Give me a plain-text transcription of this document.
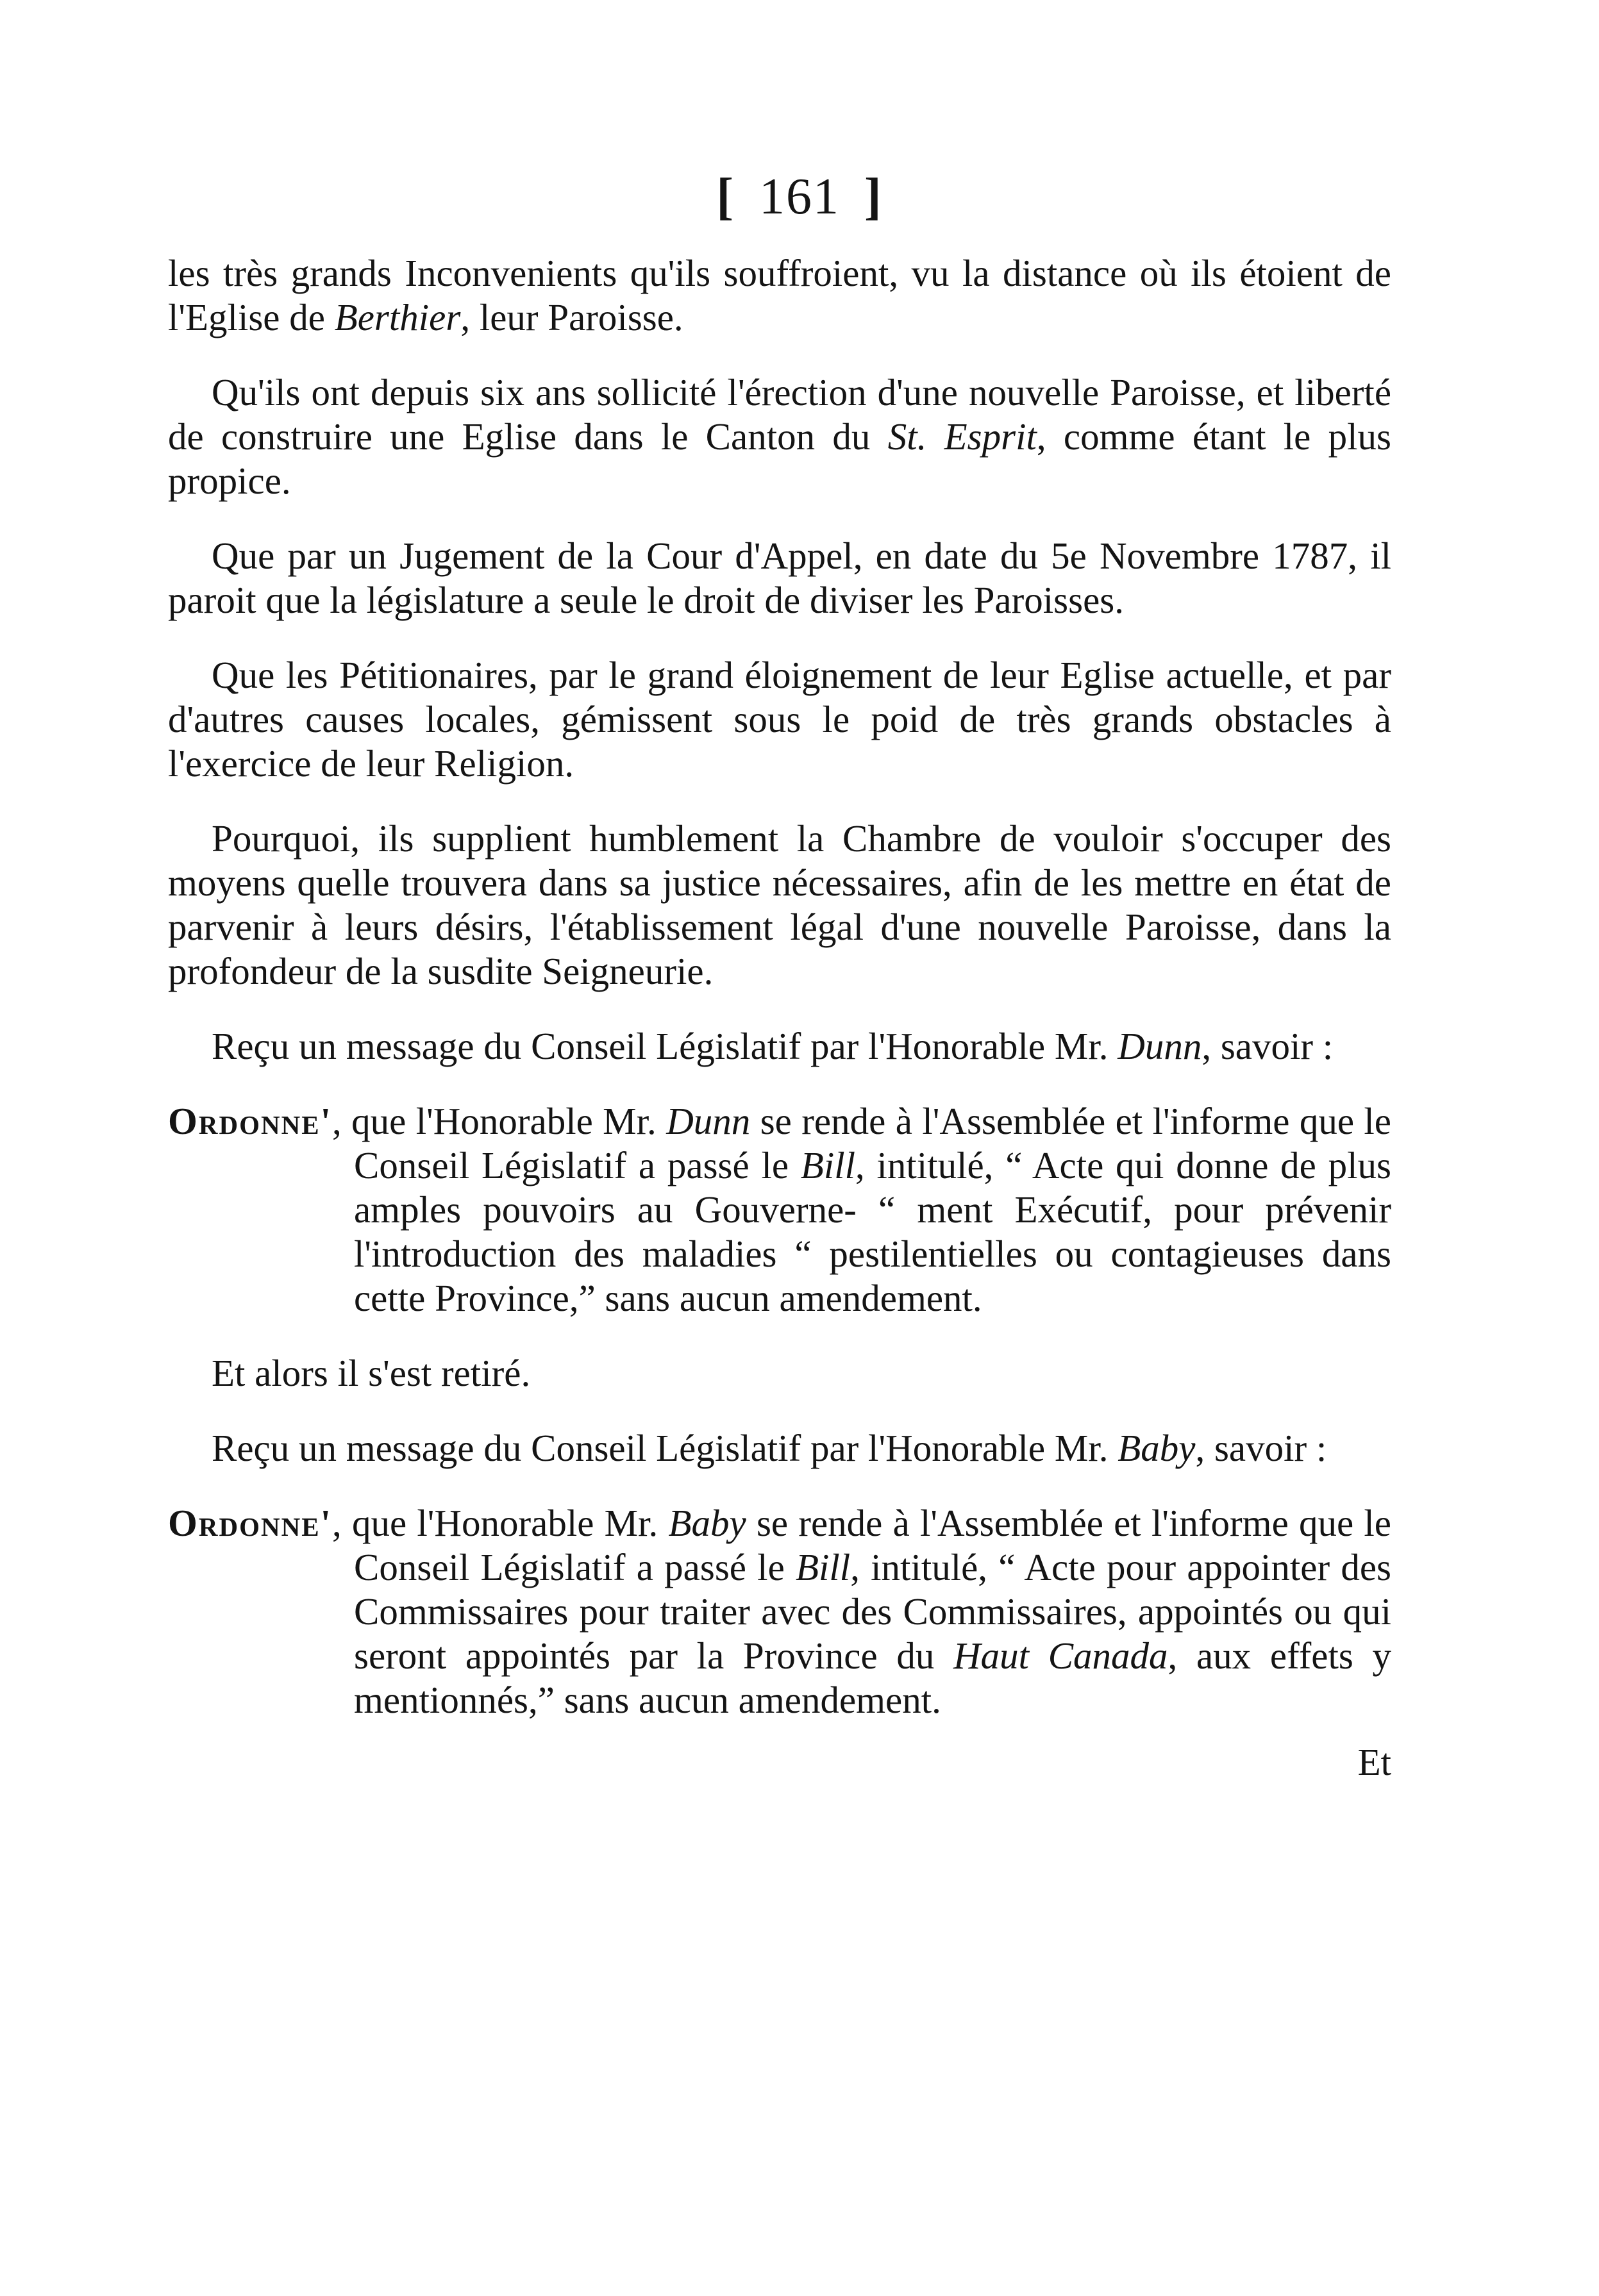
[ 161 ]

les très grands Inconvenients qu'ils souffroient, vu la distance où ils étoient de l'Eglise de Berthier, leur Paroisse.

Qu'ils ont depuis six ans sollicité l'érection d'une nouvelle Paroisse, et liberté de construire une Eglise dans le Canton du St. Esprit, comme étant le plus propice.

Que par un Jugement de la Cour d'Appel, en date du 5e Novembre 1787, il paroit que la législature a seule le droit de diviser les Paroisses.

Que les Pétitionaires, par le grand éloignement de leur Eglise actuelle, et par d'autres causes locales, gémissent sous le poid de très grands obstacles à l'exercice de leur Religion.

Pourquoi, ils supplient humblement la Chambre de vouloir s'occuper des moyens quelle trouvera dans sa justice nécessaires, afin de les mettre en état de parvenir à leurs désirs, l'établissement légal d'une nouvelle Paroisse, dans la profondeur de la susdite Seigneurie.

Reçu un message du Conseil Législatif par l'Honorable Mr. Dunn, savoir :

Ordonne', que l'Honorable Mr. Dunn se rende à l'Assemblée et l'informe que le Conseil Législatif a passé le Bill, intitulé, “ Acte qui donne de plus amples pouvoirs au Gouverne- “ ment Exécutif, pour prévenir l'introduction des maladies “ pestilentielles ou contagieuses dans cette Province,” sans aucun amendement.

Et alors il s'est retiré.

Reçu un message du Conseil Législatif par l'Honorable Mr. Baby, savoir :

Ordonne', que l'Honorable Mr. Baby se rende à l'Assemblée et l'informe que le Conseil Législatif a passé le Bill, intitulé, “ Acte pour appointer des Commissaires pour traiter avec des Commissaires, appointés ou qui seront appointés par la Province du Haut Canada, aux effets y mentionnés,” sans aucun amendement.

Et
